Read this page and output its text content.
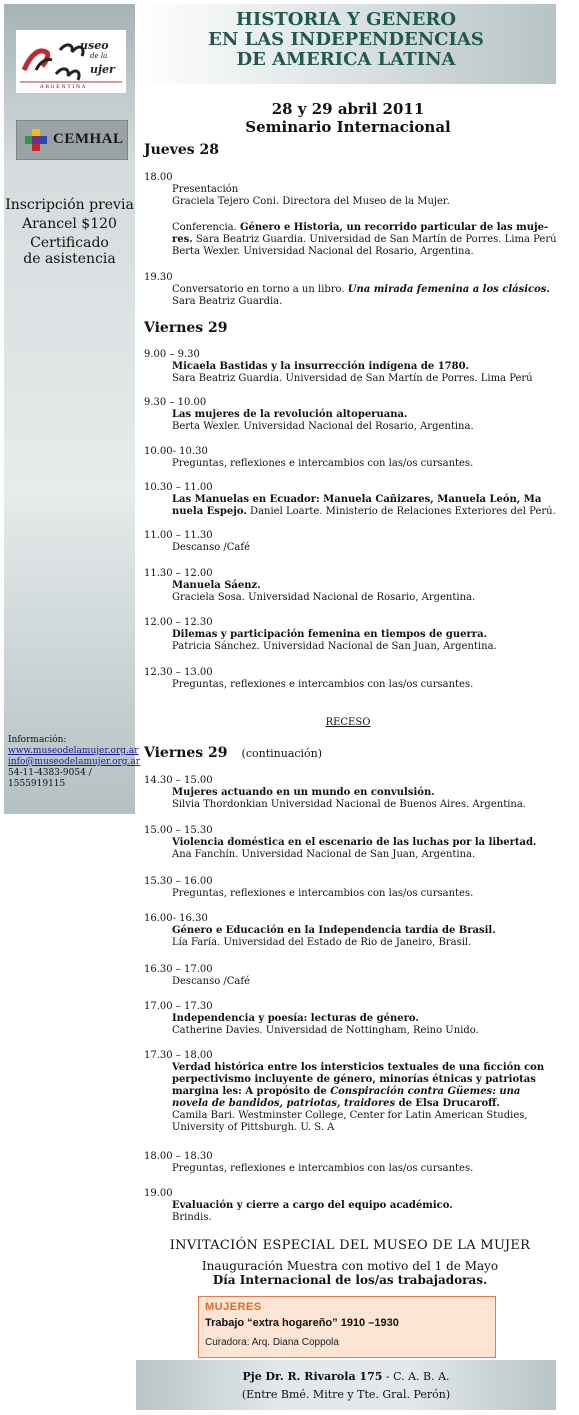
useo
de la
ujer
A R G E N T I N A
CEMHAL
Inscripción previa
Arancel $120
Certificado de asistencia
Información:
www.museodelamujer.org.ar
info@museodelamujer.org.ar
54-11-4383-9054 / 1555919115
HISTORIA Y GENERO
EN LAS INDEPENDENCIAS
DE AMERICA LATINA
28 y 29 abril 2011
Seminario Internacional
Jueves 28
18.00
Presentación
Graciela Tejero Coni. Directora del Museo de la Mujer.
Conferencia. Género e Historia, un recorrido particular de las muje-
res. Sara Beatriz Guardia. Universidad de San Martín de Porres. Lima Perú
Berta Wexler. Universidad Nacional del Rosario, Argentina.
19.30
Conversatorio en torno a un libro. Una mirada femenina a los clásicos.
Sara Beatriz Guardia.
Viernes 29
9.00 – 9.30
Micaela Bastidas y la insurrección indígena de 1780.
Sara Beatriz Guardia. Universidad de San Martín de Porres. Lima Perú
9.30 – 10.00
Las mujeres de la revolución altoperuana.
Berta Wexler. Universidad Nacional del Rosario, Argentina.
10.00- 10.30
Preguntas, reflexiones e intercambios con las/os cursantes.
10.30 – 11.00
Las Manuelas en Ecuador: Manuela Cañizares, Manuela León, Ma
nuela Espejo. Daniel Loarte. Ministerio de Relaciones Exteriores del Perú.
11.00 – 11.30
Descanso /Café
11.30 – 12.00
Manuela Sáenz.
Graciela Sosa. Universidad Nacional de Rosario, Argentina.
12.00 – 12.30
Dilemas y participación femenina en tiempos de guerra.
Patricia Sánchez. Universidad Nacional de San Juan, Argentina.
12.30 – 13.00
Preguntas, reflexiones e intercambios con las/os cursantes.
RECESO
Viernes 29 (continuación)
14.30 – 15.00
Mujeres actuando en un mundo en convulsión.
Silvia Thordonkian Universidad Nacional de Buenos Aires. Argentina.
15.00 – 15.30
Violencia doméstica en el escenario de las luchas por la libertad.
Ana Fanchín. Universidad Nacional de San Juan, Argentina.
15.30 – 16.00
Preguntas, reflexiones e intercambios con las/os cursantes.
16.00- 16.30
Género e Educación en la Independencia tardía de Brasil.
Lía Faría. Universidad del Estado de Rio de Janeiro, Brasil.
16.30 – 17.00
Descanso /Café
17.00 – 17.30
Independencia y poesía: lecturas de género.
Catherine Davies. Universidad de Nottingham, Reino Unido.
17.30 – 18.00
Verdad histórica entre los intersticios textuales de una ficción con
perpectivismo incluyente de género, minorías étnicas y patriotas
margina les: A propósito de Conspiración contra Güemes: una
novela de bandidos, patriotas, traidores de Elsa Drucaroff.
Camila Bari. Westminster College, Center for Latin American Studies,
University of Pittsburgh. U. S. A
18.00 – 18.30
Preguntas, reflexiones e intercambios con las/os cursantes.
19.00
Evaluación y cierre a cargo del equipo académico.
Brindis.
INVITACIÓN ESPECIAL DEL MUSEO DE LA MUJER
Inauguración Muestra con motivo del 1 de Mayo
Día Internacional de los/as trabajadoras.
MUJERES
Trabajo “extra hogareño” 1910 –1930
Curadora: Arq. Diana Coppola
Pje Dr. R. Rivarola 175 - C. A. B. A.
(Entre Bmé. Mitre y Tte. Gral. Perón)
